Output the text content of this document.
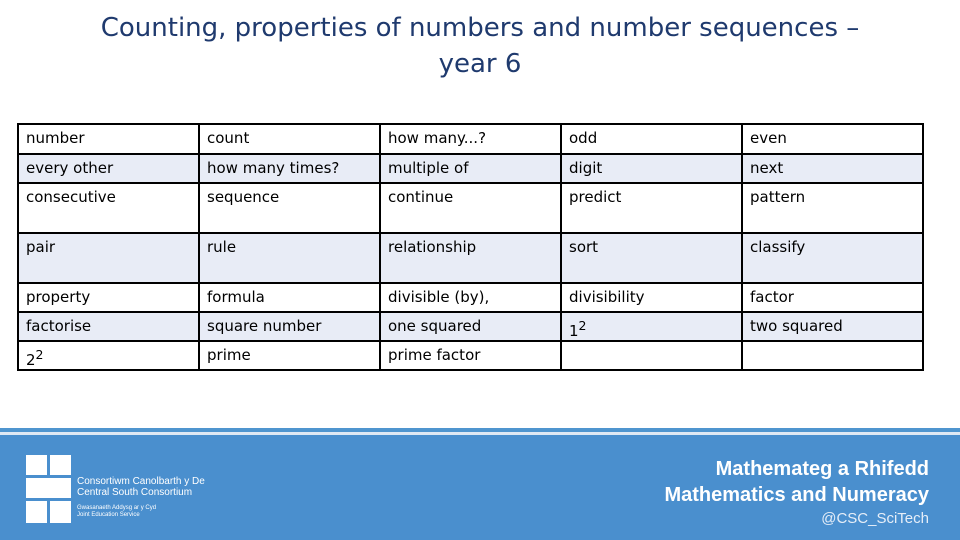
Counting, properties of numbers and number sequences –
year 6
number	count	how many...?	odd	even
every other	how many times?	multiple of	digit	next
consecutive	sequence	continue	predict	pattern
pair	rule	relationship	sort	classify
property	formula	divisible (by),	divisibility	factor
factorise	square number	one squared	$1^2$	two squared
$2^2$	prime	prime factor		
Consortiwm Canolbarth y De
Central South Consortium
Gwasanaeth Addysg ar y Cyd
Joint Education Service
Mathemateg a Rhifedd
Mathematics and Numeracy
@CSC_SciTech
